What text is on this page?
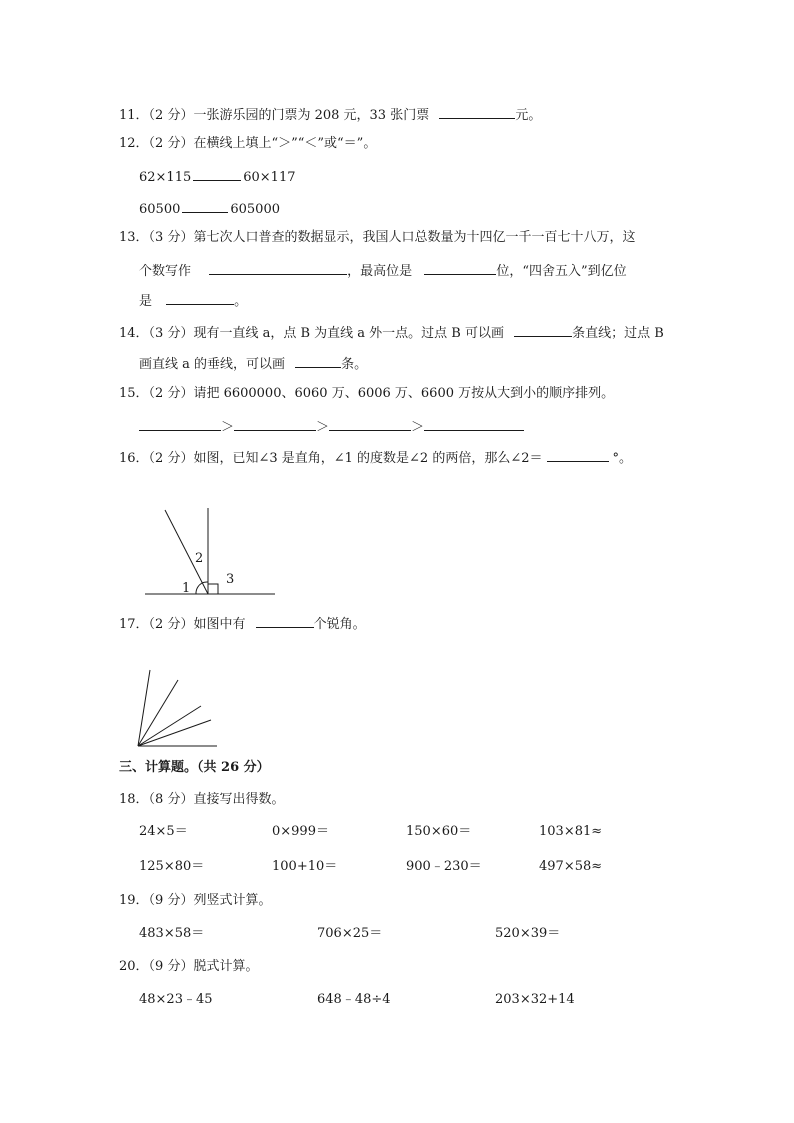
11．（2 分）一张游乐园的门票为 208 元，33 张门票	元。
12．（2 分）在横线上填上“＞”“＜”或“＝”。
62×115	60×117
60500	605000
13．（3 分）第七次人口普查的数据显示，我国人口总数量为十四亿一千一百七十八万，这
个数写作	，最高位是	位，“四舍五入”到亿位
是	。
14．（3 分）现有一直线 a，点 B 为直线 a 外一点。过点 B 可以画	条直线；过点 B
画直线 a 的垂线，可以画	条。
15．（2 分）请把 6600000、6060 万、6006 万、6600 万按从大到小的顺序排列。
＞	＞	＞
16．（2 分）如图，已知∠3 是直角，∠1 的度数是∠2 的两倍，那么∠2＝	°。
1
2
3
17．（2 分）如图中有	个锐角。
三、计算题。（共 26 分）
18．（8 分）直接写出得数。
24×5＝	0×999＝	150×60＝	103×81≈
125×80＝	100+10＝	900﹣230＝	497×58≈
19．（9 分）列竖式计算。
483×58＝	706×25＝	520×39＝
20．（9 分）脱式计算。
48×23﹣45	648﹣48÷4	203×32+14
